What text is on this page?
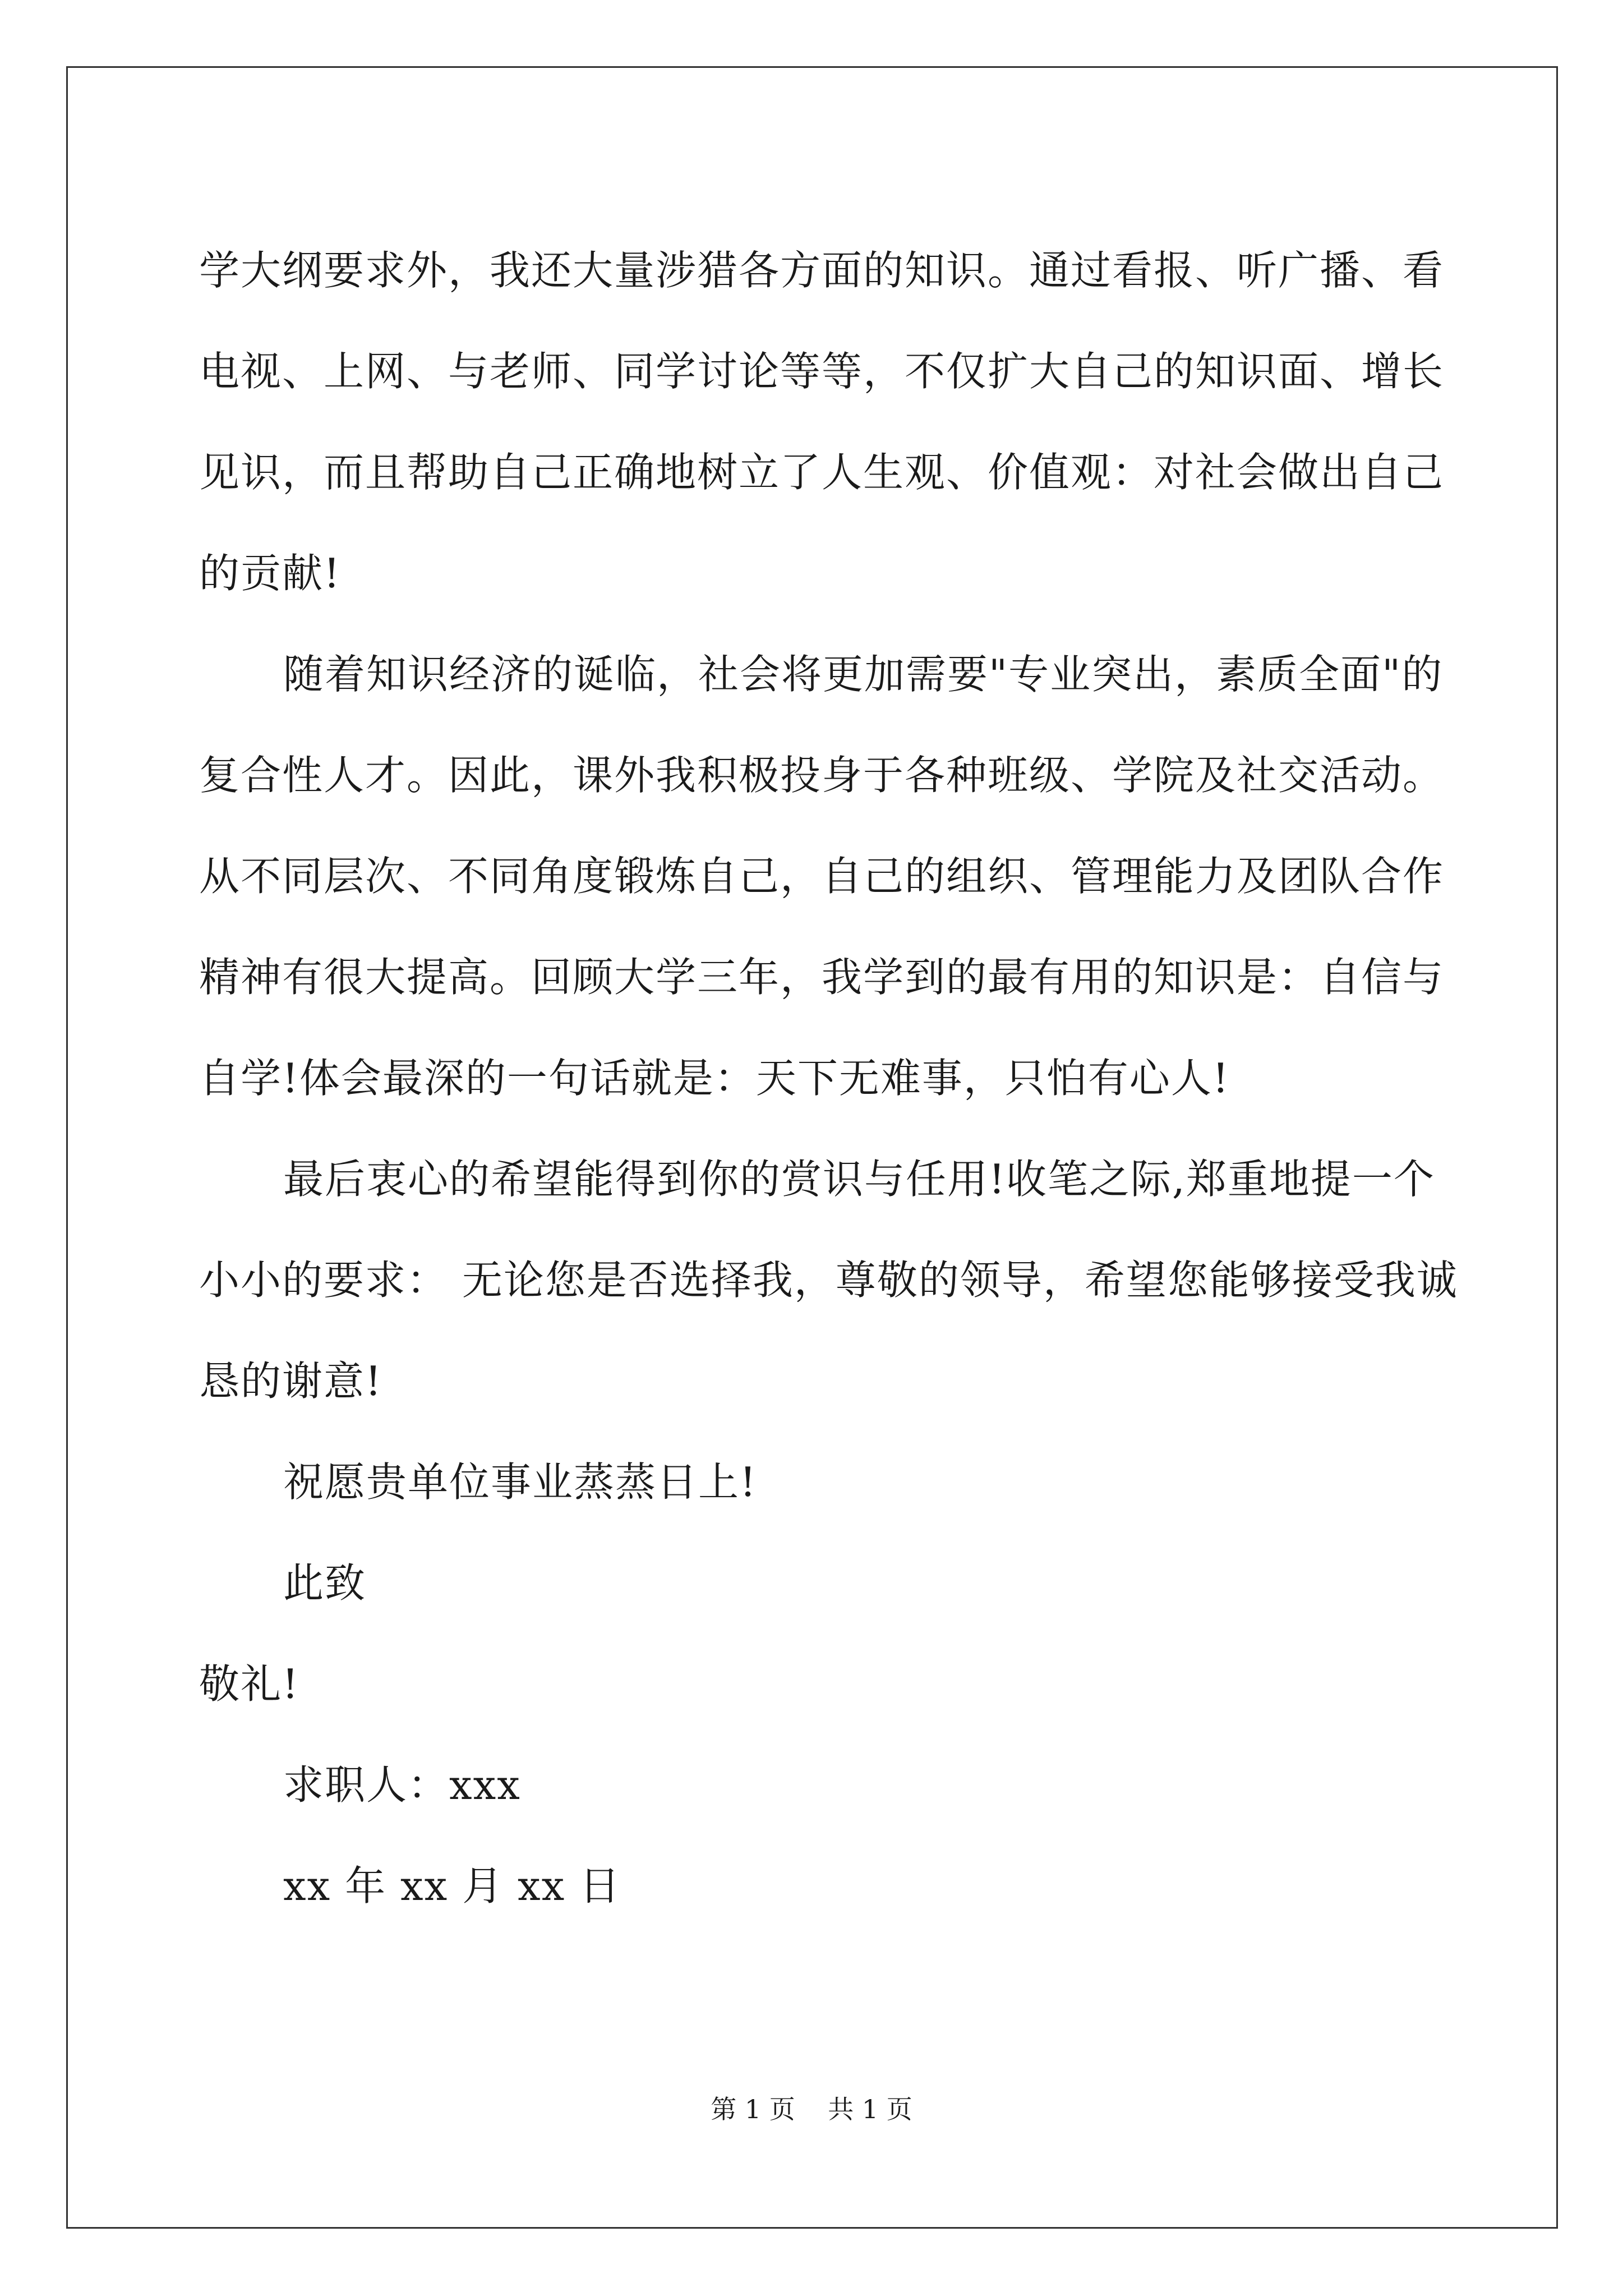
学大纲要求外，我还大量涉猎各方面的知识。通过看报、听广播、看
电视、上网、与老师、同学讨论等等，不仅扩大自己的知识面、增长
见识，而且帮助自己正确地树立了人生观、价值观：对社会做出自己
的贡献!
随着知识经济的诞临，社会将更加需要"专业突出，素质全面"的
复合性人才。因此，课外我积极投身于各种班级、学院及社交活动。
从不同层次、不同角度锻炼自己，自己的组织、管理能力及团队合作
精神有很大提高。回顾大学三年，我学到的最有用的知识是：自信与
自学!体会最深的一句话就是：天下无难事，只怕有心人!
最后衷心的希望能得到你的赏识与任用!收笔之际,郑重地提一个
小小的要求： 无论您是否选择我，尊敬的领导，希望您能够接受我诚
恳的谢意!
祝愿贵单位事业蒸蒸日上!
此致
敬礼!
求职人：xxx
xx 年 xx 月 xx 日
第 1 页    共 1 页
